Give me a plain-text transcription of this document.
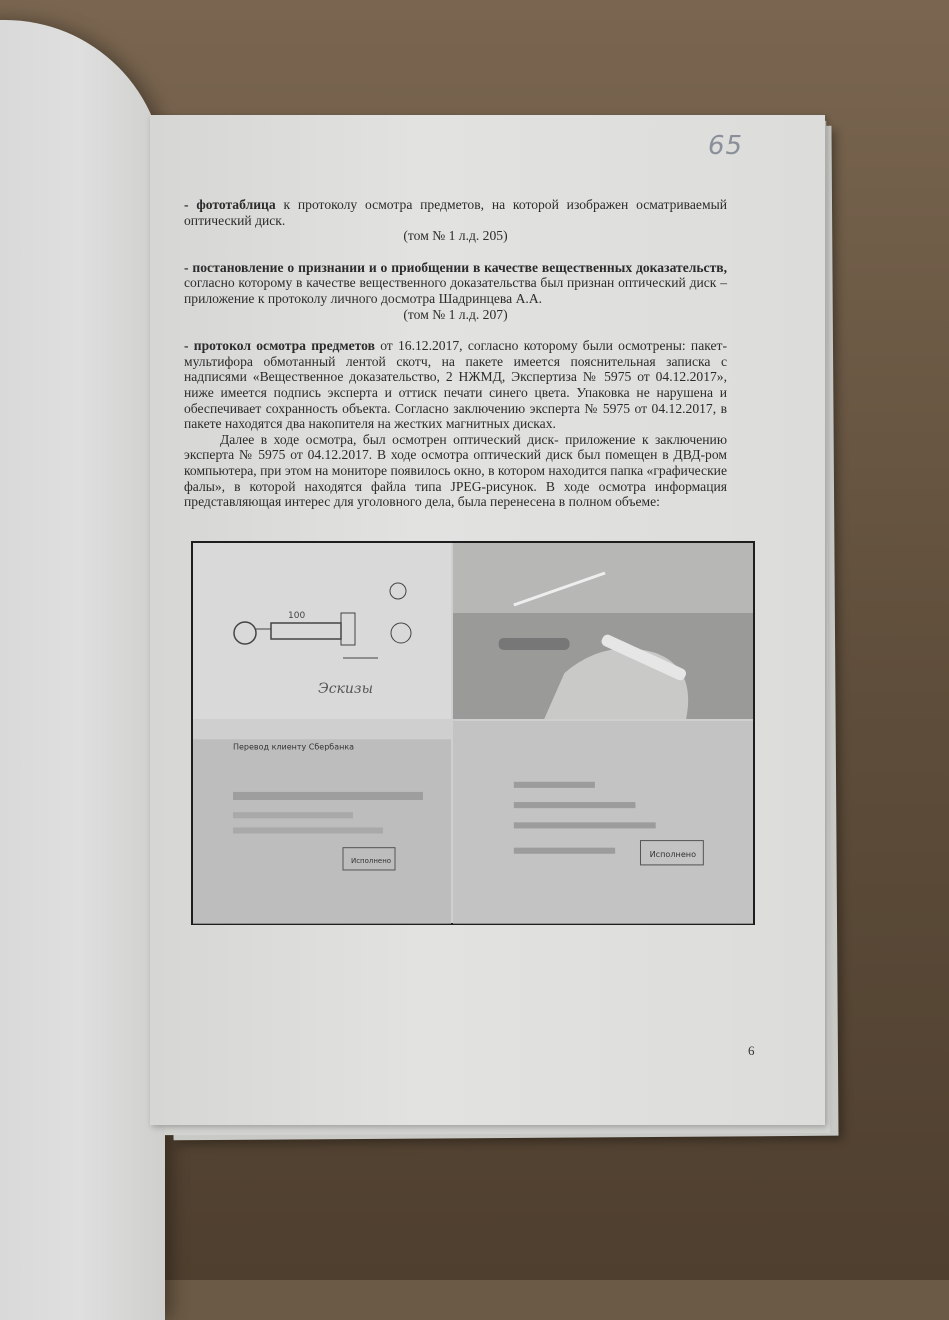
65

- фототаблица к протоколу осмотра предметов, на которой изображен осматриваемый оптический диск.

(том № 1 л.д. 205)

- постановление о признании и о приобщении в качестве вещественных доказательств, согласно которому в качестве вещественного доказательства был признан оптический диск – приложение к протоколу личного досмотра Шадринцева А.А.

(том № 1 л.д. 207)

- протокол осмотра предметов от 16.12.2017, согласно которому были осмотрены: пакет-мультифора обмотанный лентой скотч, на пакете имеется пояснительная записка с надписями «Вещественное доказательство, 2 НЖМД, Экспертиза № 5975 от 04.12.2017», ниже имеется подпись эксперта и оттиск печати синего цвета. Упаковка не нарушена и обеспечивает сохранность объекта. Согласно заключению эксперта № 5975 от 04.12.2017, в пакете находятся два накопителя на жестких магнитных дисках.

Далее в ходе осмотра, был осмотрен оптический диск- приложение к заключению эксперта № 5975 от 04.12.2017. В ходе осмотра оптический диск был помещен в ДВД-ром компьютера, при этом на мониторе появилось окно, в котором находится папка «графические фалы», в которой находятся файла типа JPEG-рисунок. В ходе осмотра информация представляющая интерес для уголовного дела, была перенесена в полном объеме:

100
Эскизы
Перевод клиенту Сбербанка
Исполнено
Исполнено
6
